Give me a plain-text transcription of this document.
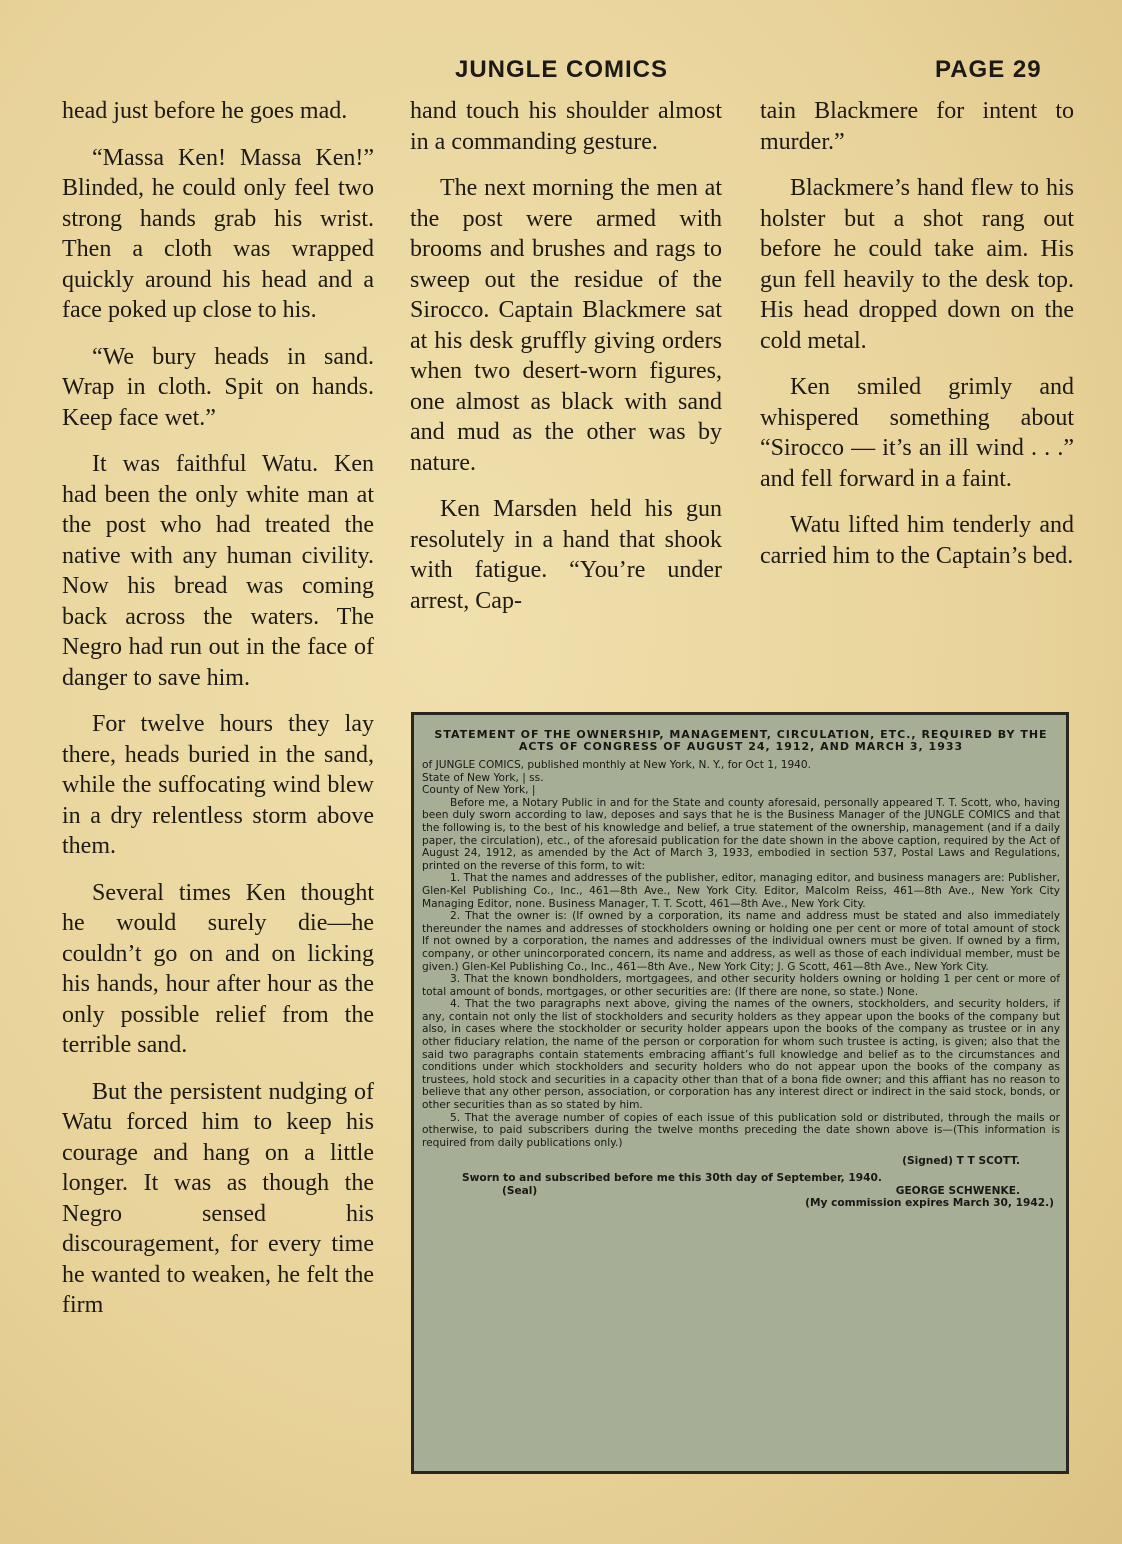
JUNGLE COMICS	PAGE 29

head just before he goes mad.

“Massa Ken! Massa Ken!” Blinded, he could only feel two strong hands grab his wrist. Then a cloth was wrapped quickly around his head and a face poked up close to his.

“We bury heads in sand. Wrap in cloth. Spit on hands. Keep face wet.”

It was faithful Watu. Ken had been the only white man at the post who had treated the native with any human civility. Now his bread was coming back across the waters. The Negro had run out in the face of danger to save him.

For twelve hours they lay there, heads buried in the sand, while the suffocating wind blew in a dry relentless storm above them.

Several times Ken thought he would surely die—he couldn’t go on and on licking his hands, hour after hour as the only possible relief from the terrible sand.

But the persistent nudging of Watu forced him to keep his courage and hang on a little longer. It was as though the Negro sensed his discouragement, for every time he wanted to weaken, he felt the firm

hand touch his shoulder almost in a commanding gesture.

The next morning the men at the post were armed with brooms and brushes and rags to sweep out the residue of the Sirocco. Captain Blackmere sat at his desk gruffly giving orders when two desert-worn figures, one almost as black with sand and mud as the other was by nature.

Ken Marsden held his gun resolutely in a hand that shook with fatigue. “You’re under arrest, Cap-

tain Blackmere for intent to murder.”

Blackmere’s hand flew to his holster but a shot rang out before he could take aim. His gun fell heavily to the desk top. His head dropped down on the cold metal.

Ken smiled grimly and whispered something about “Sirocco — it’s an ill wind . . .” and fell forward in a faint.

Watu lifted him tenderly and carried him to the Captain’s bed.

STATEMENT OF THE OWNERSHIP, MANAGEMENT, CIRCULATION, ETC., REQUIRED BY THE ACTS OF CONGRESS OF AUGUST 24, 1912, AND MARCH 3, 1933
of JUNGLE COMICS, published monthly at New York, N. Y., for Oct 1, 1940.
State of New York, | ss.
County of New York, |
Before me, a Notary Public in and for the State and county aforesaid, personally appeared T. T. Scott, who, having been duly sworn according to law, deposes and says that he is the Business Manager of the JUNGLE COMICS and that the following is, to the best of his knowledge and belief, a true statement of the ownership, management (and if a daily paper, the circulation), etc., of the aforesaid publication for the date shown in the above caption, required by the Act of August 24, 1912, as amended by the Act of March 3, 1933, embodied in section 537, Postal Laws and Regulations, printed on the reverse of this form, to wit:
1. That the names and addresses of the publisher, editor, managing editor, and business managers are: Publisher, Glen-Kel Publishing Co., Inc., 461—8th Ave., New York City. Editor, Malcolm Reiss, 461—8th Ave., New York City Managing Editor, none. Business Manager, T. T. Scott, 461—8th Ave., New York City.
2. That the owner is: (If owned by a corporation, its name and address must be stated and also immediately thereunder the names and addresses of stockholders owning or holding one per cent or more of total amount of stock If not owned by a corporation, the names and addresses of the individual owners must be given. If owned by a firm, company, or other unincorporated concern, its name and address, as well as those of each individual member, must be given.) Glen-Kel Publishing Co., Inc., 461—8th Ave., New York City; J. G Scott, 461—8th Ave., New York City.
3. That the known bondholders, mortgagees, and other security holders owning or holding 1 per cent or more of total amount of bonds, mortgages, or other securities are: (If there are none, so state.) None.
4. That the two paragraphs next above, giving the names of the owners, stockholders, and security holders, if any, contain not only the list of stockholders and security holders as they appear upon the books of the company but also, in cases where the stockholder or security holder appears upon the books of the company as trustee or in any other fiduciary relation, the name of the person or corporation for whom such trustee is acting, is given; also that the said two paragraphs contain statements embracing affiant’s full knowledge and belief as to the circumstances and conditions under which stockholders and security holders who do not appear upon the books of the company as trustees, hold stock and securities in a capacity other than that of a bona fide owner; and this affiant has no reason to believe that any other person, association, or corporation has any interest direct or indirect in the said stock, bonds, or other securities than as so stated by him.
5. That the average number of copies of each issue of this publication sold or distributed, through the mails or otherwise, to paid subscribers during the twelve months preceding the date shown above is—(This information is required from daily publications only.)
(Signed) T T SCOTT.
Sworn to and subscribed before me this 30th day of September, 1940.
(Seal)	GEORGE SCHWENKE.
(My commission expires March 30, 1942.)
